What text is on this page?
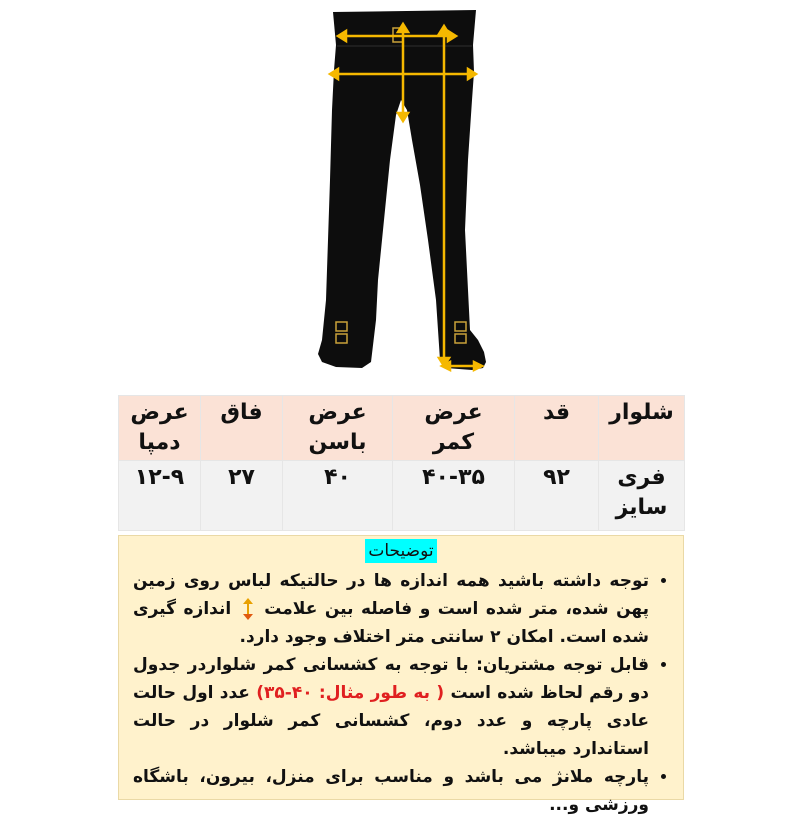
شلوار	قد	عرض کمر	عرض باسن	فاق	عرض دمپا
فری سایز	۹۲	۴۰-۳۵	۴۰	۲۷	۱۲-۹
توضیحات
• توجه داشته باشید همه اندازه ها در حالتیکه لباس روی زمین پهن شده، متر شده است و فاصله بین علامت  اندازه گیری شده است. امکان ۲ سانتی متر اختلاف وجود دارد.
• قابل توجه مشتریان: با توجه به کشسانی کمر شلواردر جدول دو رقم لحاظ شده است ( به طور مثال: ۴۰-۳۵) عدد اول حالت عادی پارچه و عدد دوم، کشسانی کمر شلوار در حالت استاندارد میباشد.
• پارچه ملانژ می باشد و مناسب برای منزل، بیرون، باشگاه ورزشی و...
